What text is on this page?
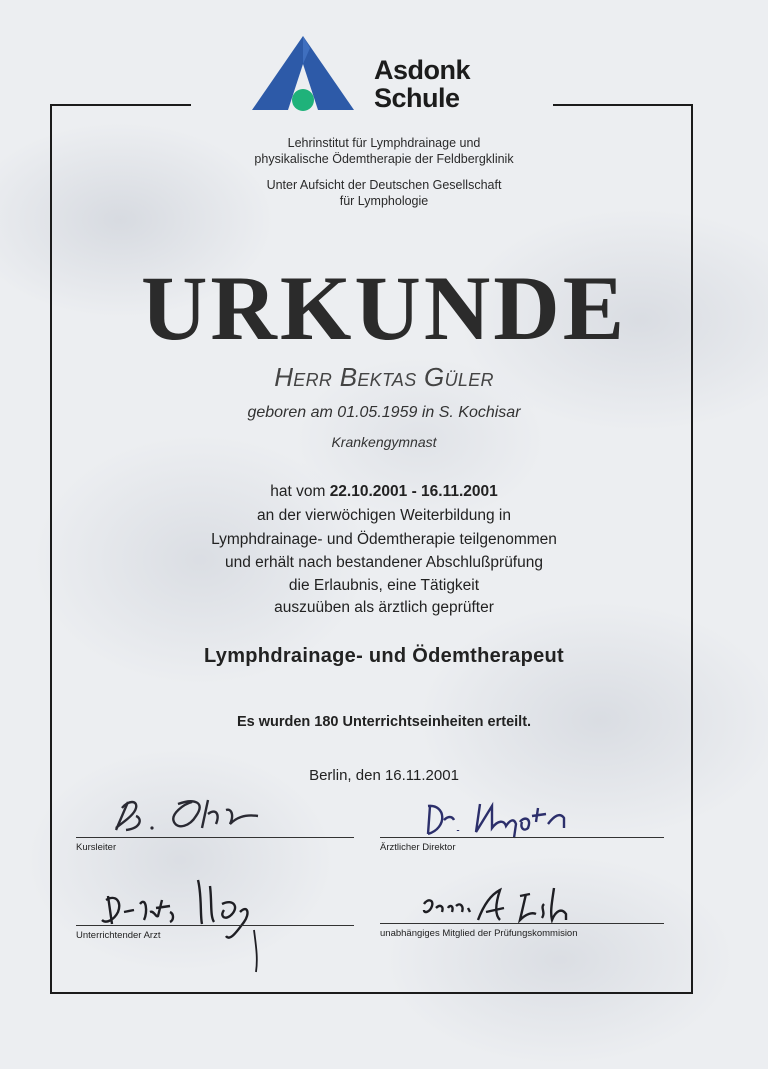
Asdonk
Schule
Lehrinstitut für Lymphdrainage und
physikalische Ödemtherapie der Feldbergklinik
Unter Aufsicht der Deutschen Gesellschaft
für Lymphologie
URKUNDE
Herr Bektas Güler
geboren am 01.05.1959 in S. Kochisar
Krankengymnast
hat vom 22.10.2001 - 16.11.2001
an der vierwöchigen Weiterbildung in
Lymphdrainage- und Ödemtherapie teilgenommen
und erhält nach bestandener Abschlußprüfung
die Erlaubnis, eine Tätigkeit
auszuüben als ärztlich geprüfter
Lymphdrainage- und Ödemtherapeut
Es wurden 180 Unterrichtseinheiten erteilt.
Berlin, den 16.11.2001
Kursleiter	Ärztlicher Direktor
Unterrichtender Arzt	unabhängiges Mitglied der Prüfungskommision
